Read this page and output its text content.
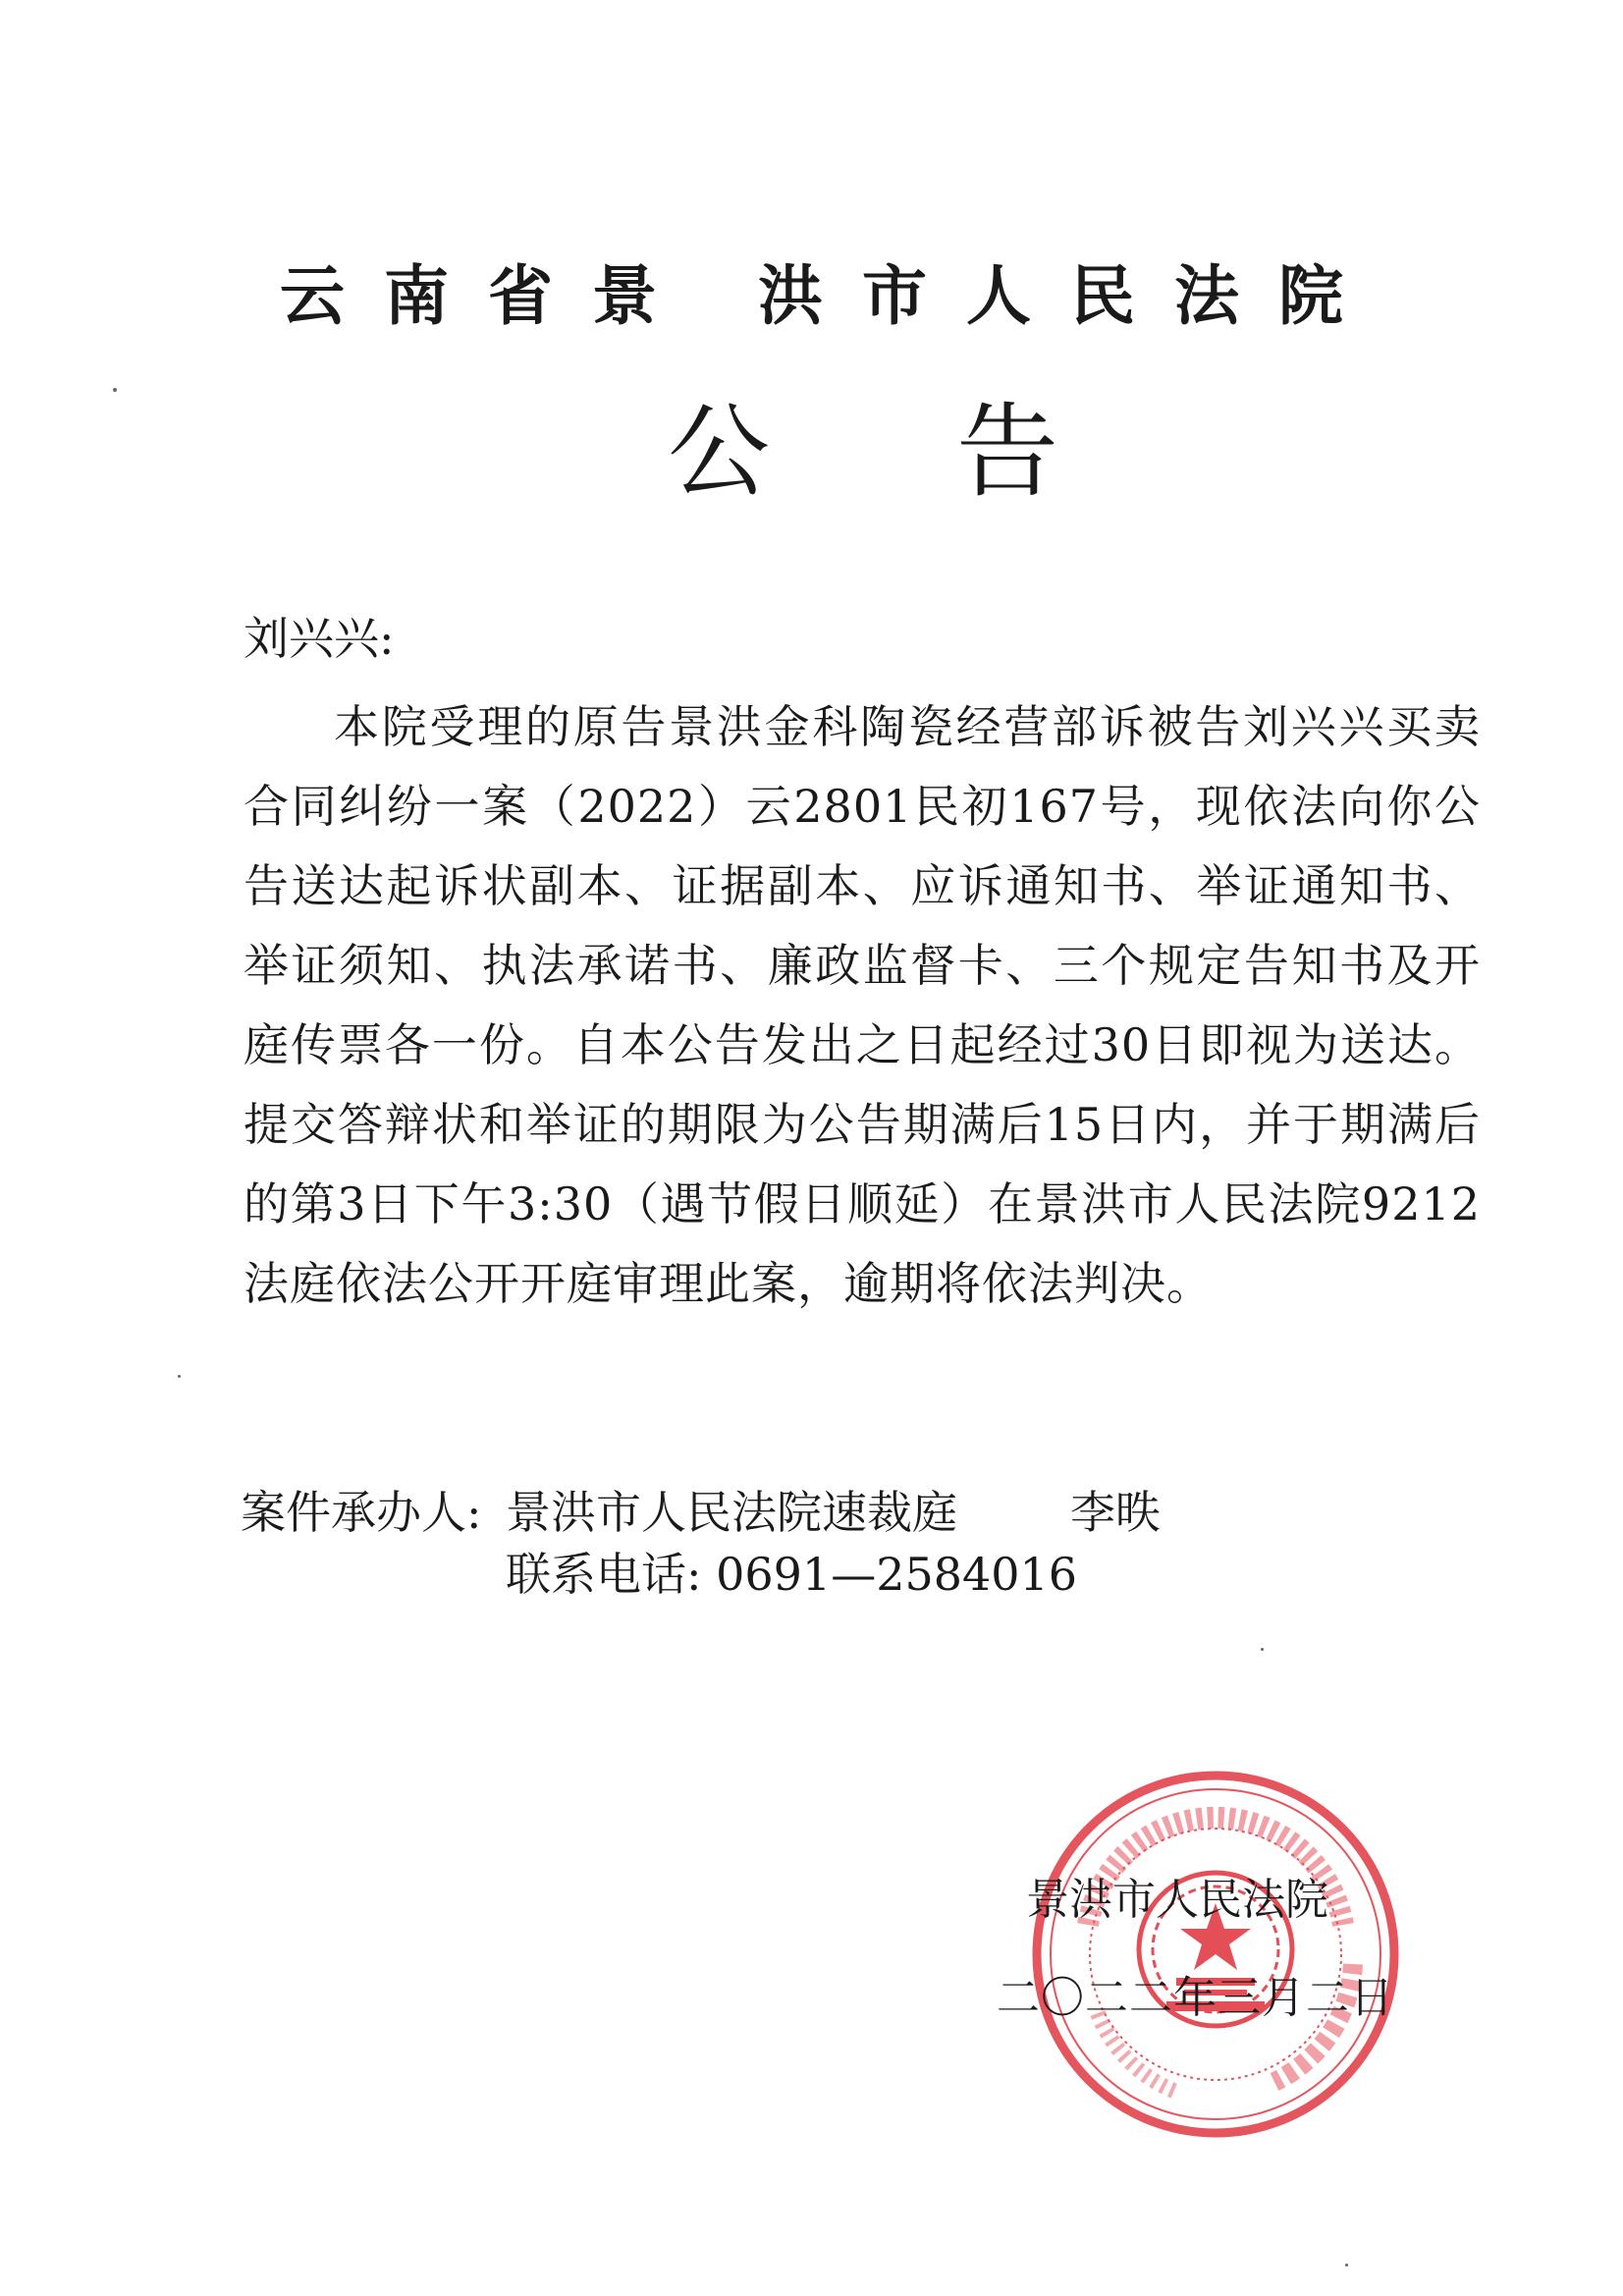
云南省景 洪市人民法院
公告
刘兴兴:

本院受理的原告景洪金科陶瓷经营部诉被告刘兴兴买卖合同纠纷一案（2022）云2801民初167号，现依法向你公告送达起诉状副本、证据副本、应诉通知书、举证通知书、举证须知、执法承诺书、廉政监督卡、三个规定告知书及开庭传票各一份。自本公告发出之日起经过30日即视为送达。提交答辩状和举证的期限为公告期满后15日内，并于期满后的第3日下午3:30（遇节假日顺延）在景洪市人民法院9212法庭依法公开开庭审理此案，逾期将依法判决。

案件承办人: 景洪市人民法院速裁庭	李昳
联系电话: 0691—2584016
景洪市人民法院
二〇二二年三月二日
